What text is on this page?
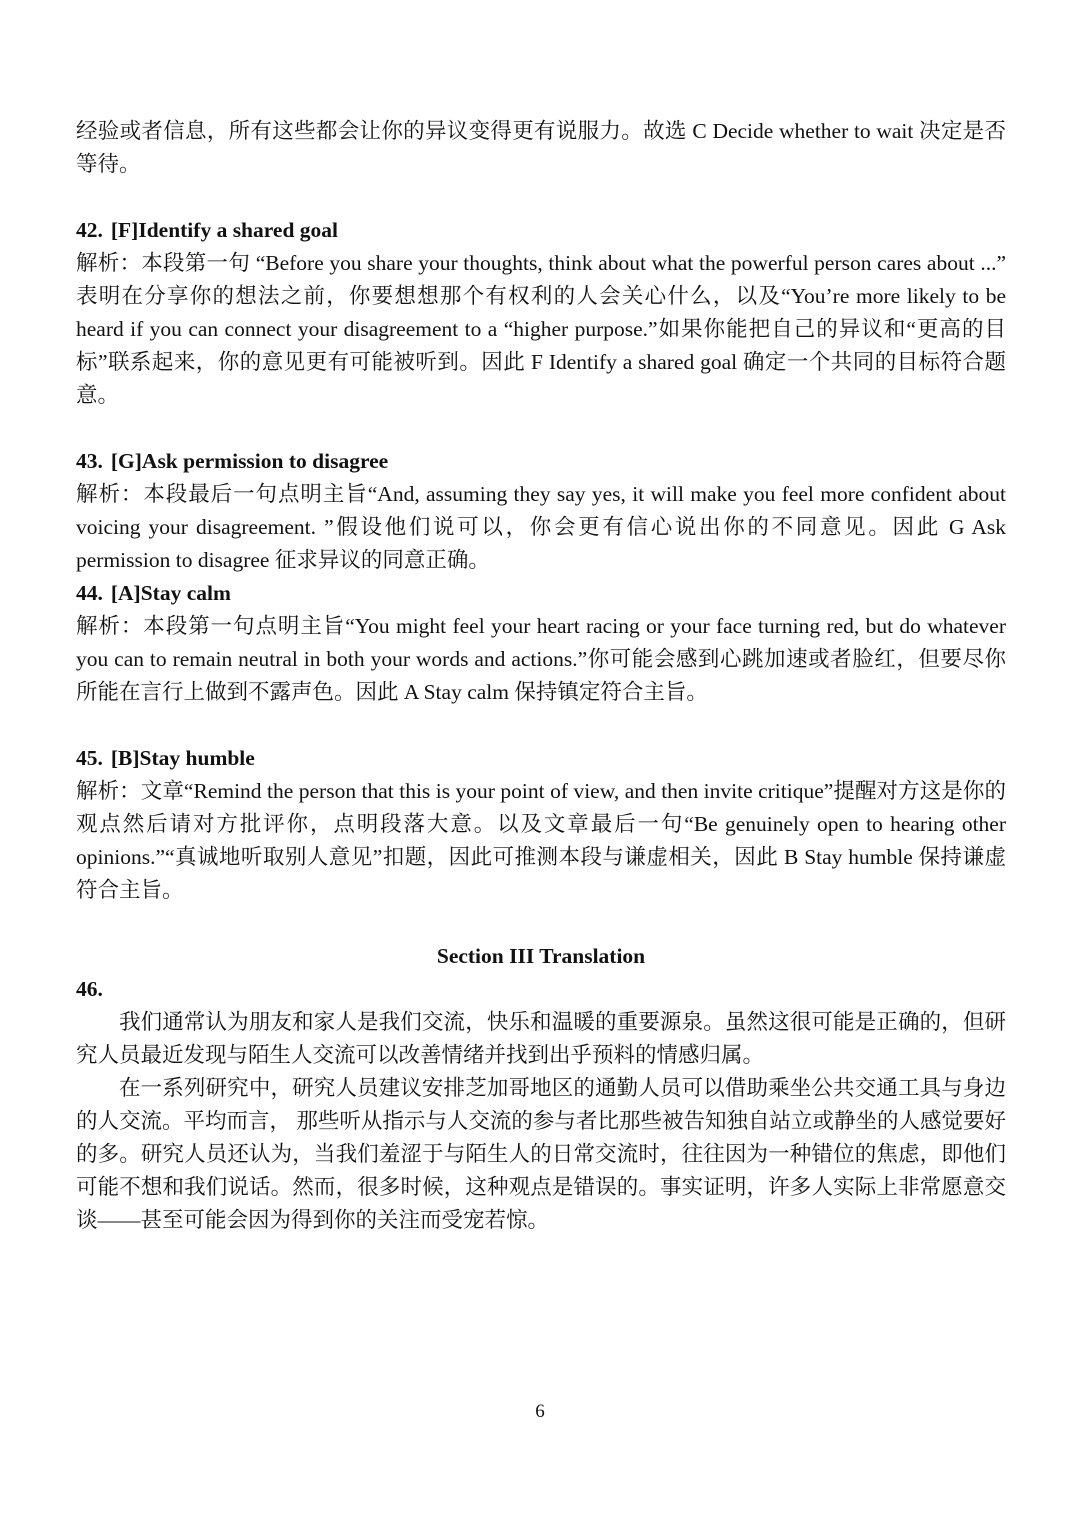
经验或者信息，所有这些都会让你的异议变得更有说服力。故选 C Decide whether to wait 决定是否等待。

42. [F]Identify a shared goal

解析：本段第一句 “Before you share your thoughts, think about what the powerful person cares about ...” 表明在分享你的想法之前，你要想想那个有权利的人会关心什么，以及“You’re more likely to be heard if you can connect your disagreement to a “higher purpose.”如果你能把自己的异议和“更高的目标”联系起来，你的意见更有可能被听到。因此 F Identify a shared goal 确定一个共同的目标符合题意。

43. [G]Ask permission to disagree

解析：本段最后一句点明主旨“And, assuming they say yes, it will make you feel more confident about voicing your disagreement. ”假设他们说可以，你会更有信心说出你的不同意见。因此 G Ask permission to disagree 征求异议的同意正确。

44. [A]Stay calm

解析：本段第一句点明主旨“You might feel your heart racing or your face turning red, but do whatever you can to remain neutral in both your words and actions.”你可能会感到心跳加速或者脸红，但要尽你所能在言行上做到不露声色。因此 A Stay calm 保持镇定符合主旨。

45. [B]Stay humble

解析：文章“Remind the person that this is your point of view, and then invite critique”提醒对方这是你的观点然后请对方批评你，点明段落大意。以及文章最后一句“Be genuinely open to hearing other opinions.”“真诚地听取别人意见”扣题，因此可推测本段与谦虚相关，因此 B Stay humble 保持谦虚符合主旨。

Section III Translation

46.

我们通常认为朋友和家人是我们交流，快乐和温暖的重要源泉。虽然这很可能是正确的，但研究人员最近发现与陌生人交流可以改善情绪并找到出乎预料的情感归属。

在一系列研究中，研究人员建议安排芝加哥地区的通勤人员可以借助乘坐公共交通工具与身边的人交流。平均而言， 那些听从指示与人交流的参与者比那些被告知独自站立或静坐的人感觉要好的多。研究人员还认为，当我们羞涩于与陌生人的日常交流时，往往因为一种错位的焦虑，即他们可能不想和我们说话。然而，很多时候，这种观点是错误的。事实证明，许多人实际上非常愿意交谈——甚至可能会因为得到你的关注而受宠若惊。

6
